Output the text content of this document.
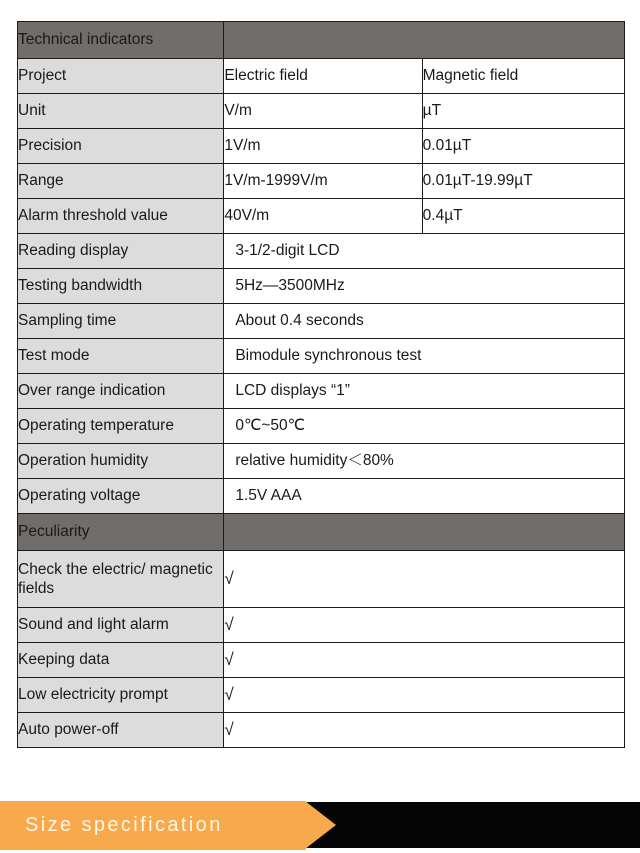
Technical indicators		
Project	Electric field	Magnetic field
Unit	V/m	µT
Precision	1V/m	0.01µT
Range	1V/m-1999V/m	0.01µT-19.99µT
Alarm threshold value	40V/m	0.4µT
Reading display	3-1/2-digit LCD	
Testing bandwidth	5Hz—3500MHz	
Sampling time	About 0.4 seconds	
Test mode	Bimodule synchronous test	
Over range indication	LCD displays “1”	
Operating temperature	0℃~50℃	
Operation humidity	relative humidity＜80%	
Operating voltage	1.5V AAA	
Peculiarity		

Check the electric/ magnetic fields	√	
Sound and light alarm	√	
Keeping data	√	
Low electricity prompt	√	
Auto power-off	√	
Size specification
